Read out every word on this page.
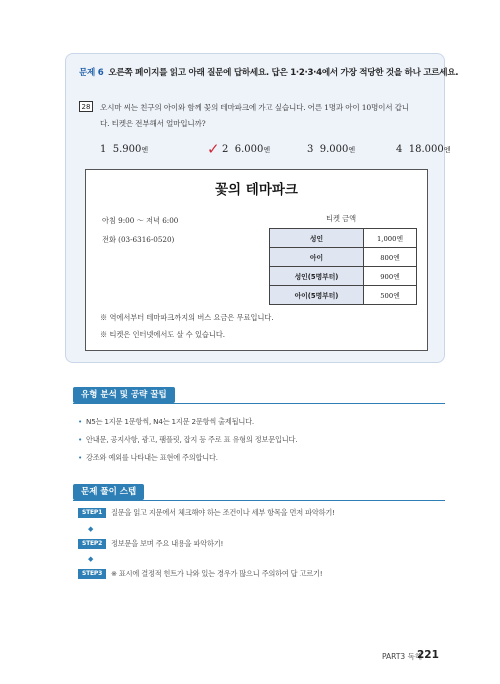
문제 6 오른쪽 페이지를 읽고 아래 질문에 답하세요. 답은 1·2·3·4에서 가장 적당한 것을 하나 고르세요.
28	오시마 씨는 친구의 아이와 함께 꽃의 테마파크에 가고 싶습니다. 어른 1명과 아이 10명이서 갑니
다. 티켓은 전부해서 얼마입니까?
1 5.900엔	✓ 2 6.000엔	3 9.000엔	4 18.000엔
꽃의 테마파크
아침 9:00 ～ 저녁 6:00
전화 (03-6316-0520)
티켓 금액
성인	1,000엔
아이	800엔
성인(5명부터)	900엔
아이(5명부터)	500엔
※ 역에서부터 테마파크까지의 버스 요금은 무료입니다.
※ 티켓은 인터넷에서도 살 수 있습니다.
유형 분석 및 공략 꿀팁
• N5는 1지문 1문항씩, N4는 1지문 2문항씩 출제됩니다.
• 안내문, 공지사항, 광고, 팸플릿, 잡지 등 주로 표 유형의 정보문입니다.
• 강조와 예외를 나타내는 표현에 주의합니다.
문제 풀이 스텝
STEP1 질문을 읽고 지문에서 체크해야 하는 조건이나 세부 항목을 먼저 파악하기!
◆
STEP2 정보문을 보며 주요 내용을 파악하기!
◆
STEP3 ※ 표시에 결정적 힌트가 나와 있는 경우가 많으니 주의하여 답 고르기!
PART3 독해
221
